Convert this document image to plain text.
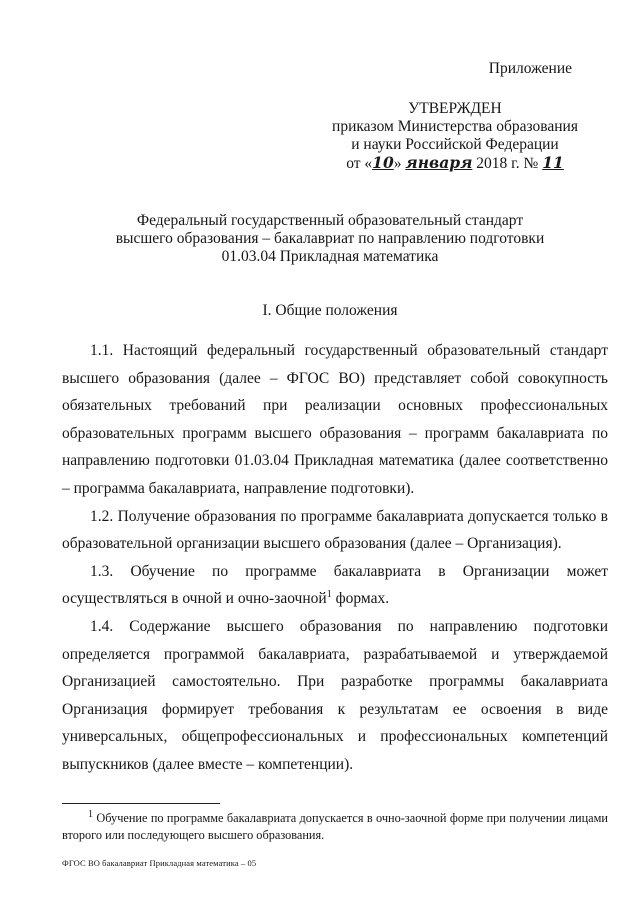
Приложение
УТВЕРЖДЕН
приказом Министерства образования
и науки Российской Федерации
от «10» января 2018 г. № 11
Федеральный государственный образовательный стандарт
высшего образования – бакалавриат по направлению подготовки
01.03.04 Прикладная математика
I. Общие положения

1.1. Настоящий федеральный государственный образовательный стандарт высшего образования (далее – ФГОС ВО) представляет собой совокупность обязательных требований при реализации основных профессиональных образовательных программ высшего образования – программ бакалавриата по направлению подготовки 01.03.04 Прикладная математика (далее соответственно – программа бакалавриата, направление подготовки).

1.2. Получение образования по программе бакалавриата допускается только в образовательной организации высшего образования (далее – Организация).

1.3. Обучение по программе бакалавриата в Организации может осуществляться в очной и очно-заочной$^1$ формах.

1.4. Содержание высшего образования по направлению подготовки определяется программой бакалавриата, разрабатываемой и утверждаемой Организацией самостоятельно. При разработке программы бакалавриата Организация формирует требования к результатам ее освоения в виде универсальных, общепрофессиональных и профессиональных компетенций выпускников (далее вместе – компетенции).

$^1$ Обучение по программе бакалавриата допускается в очно-заочной форме при получении лицами второго или последующего высшего образования.
ФГОС ВО бакалавриат Прикладная математика – 05
